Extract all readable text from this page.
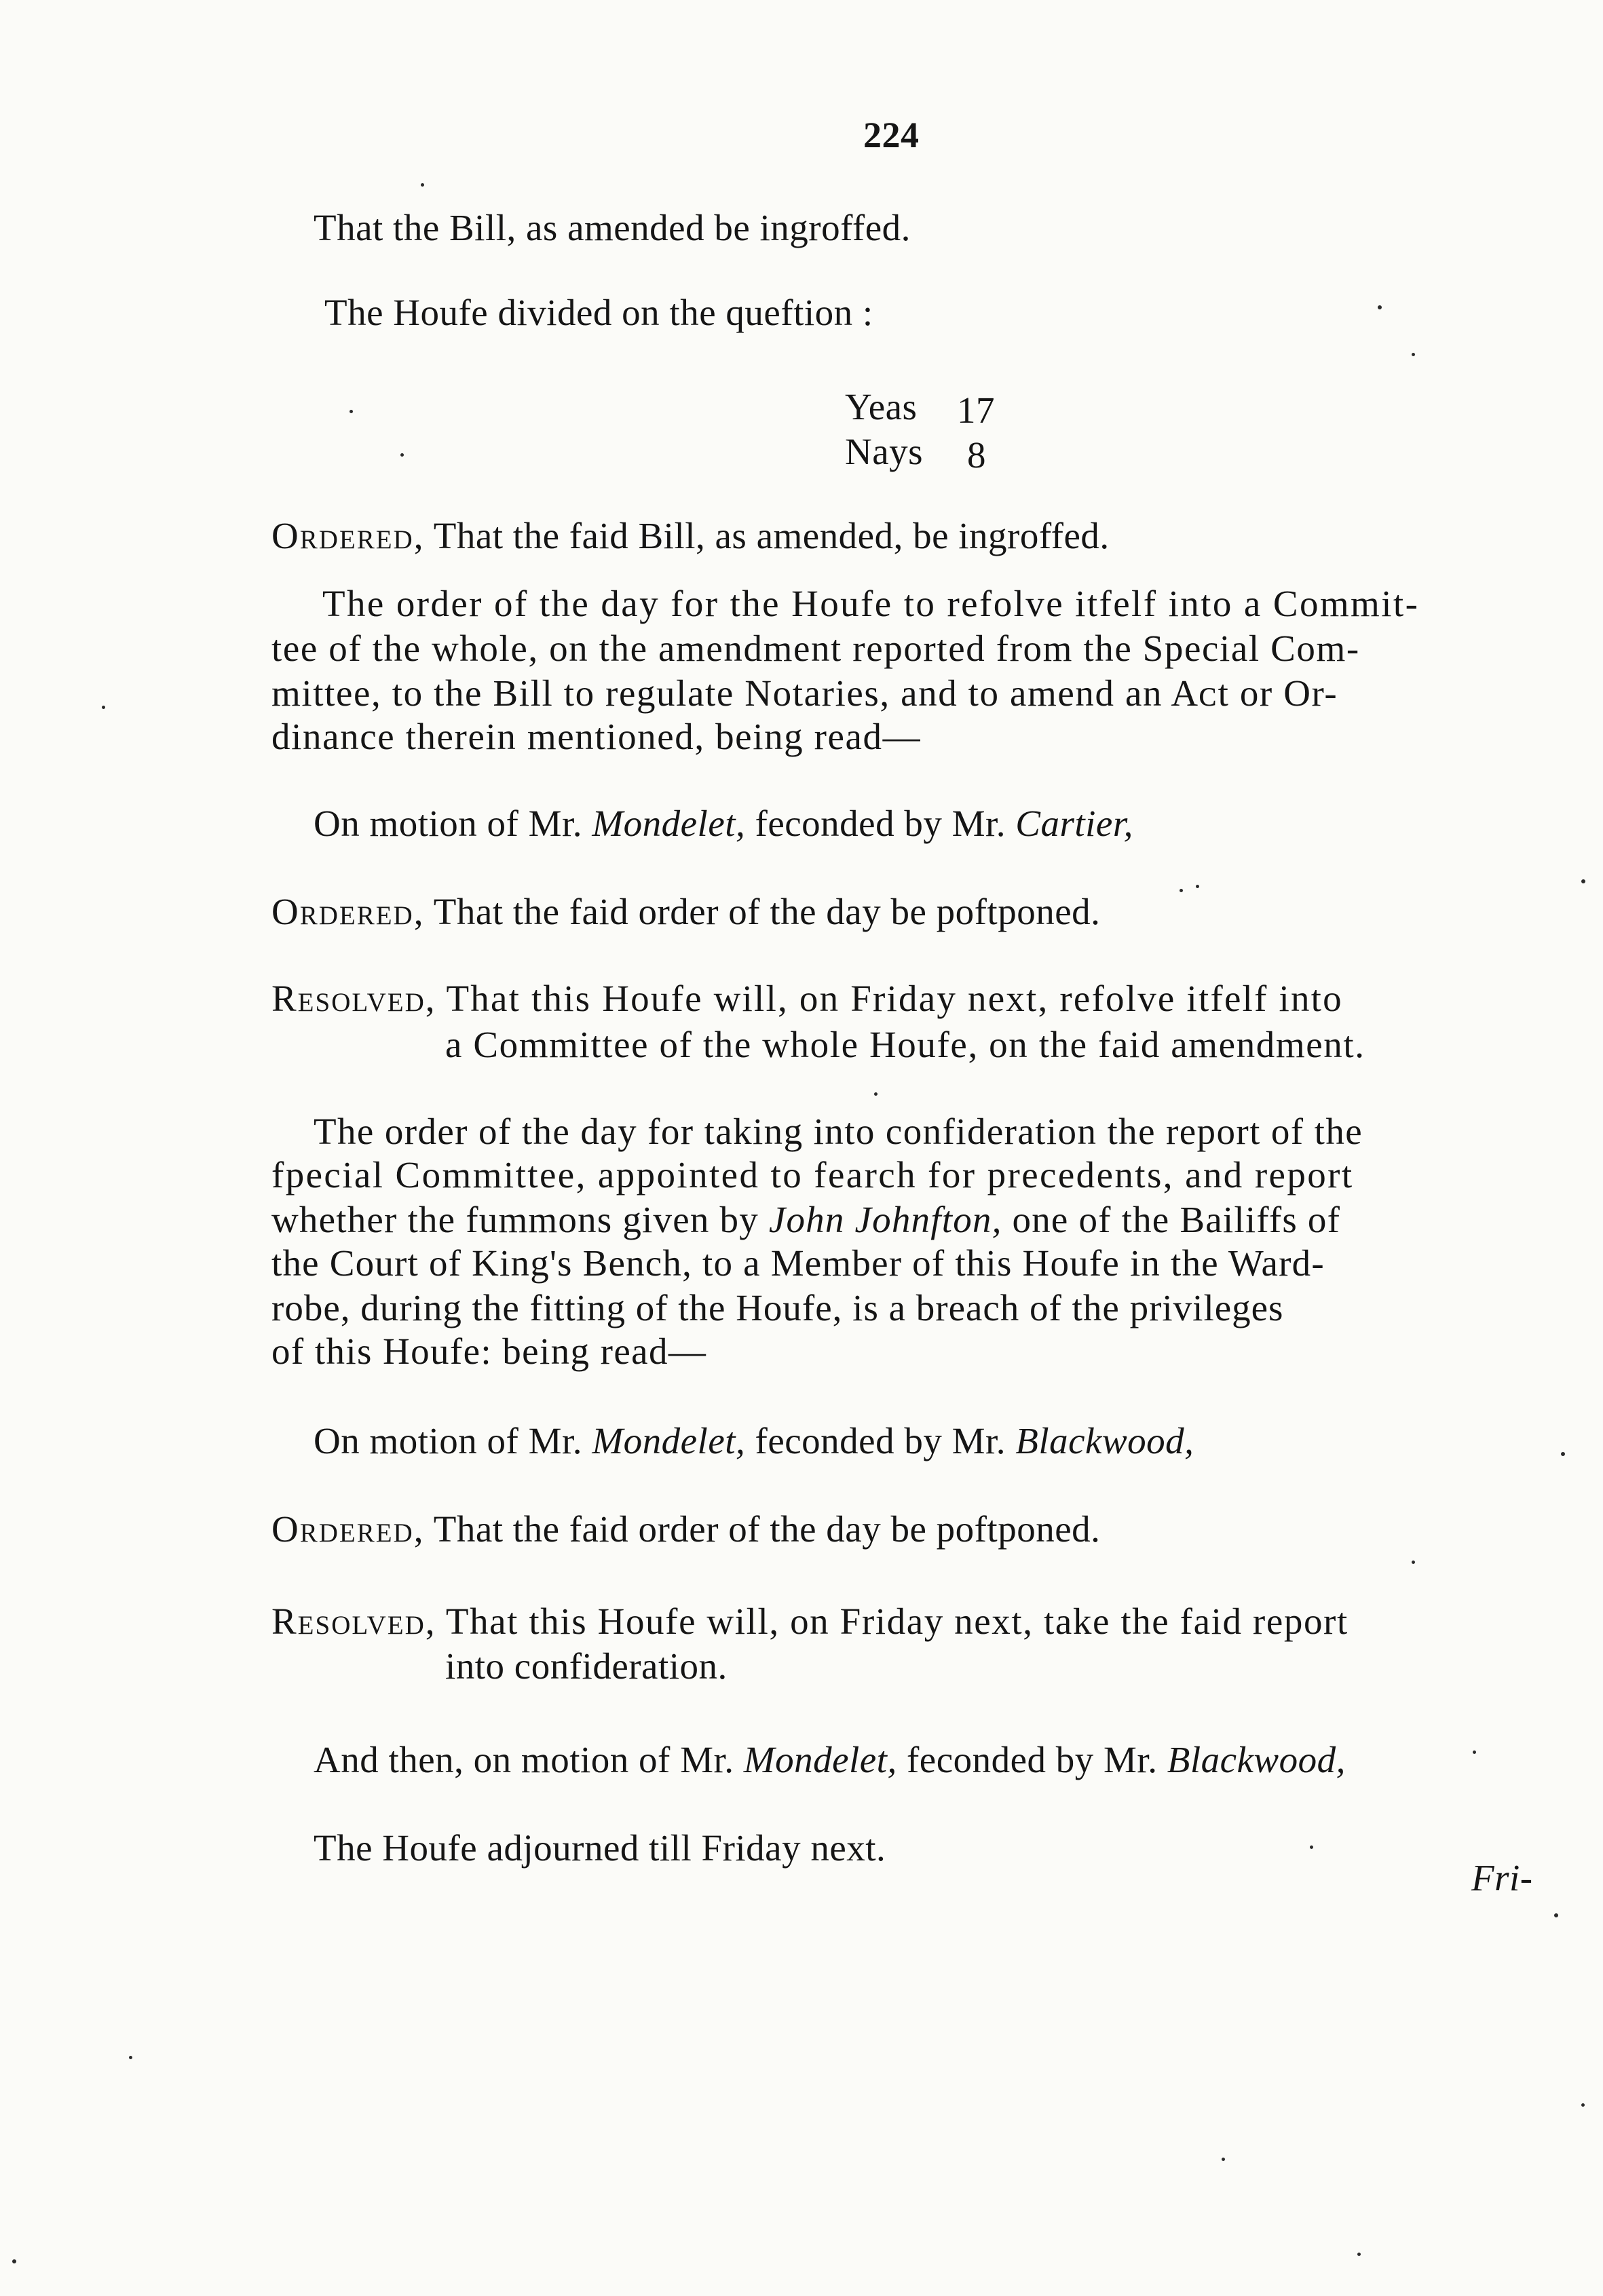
224

That the Bill, as amended be ingroffed.

The Houfe divided on the queftion :

Yeas 17
Nays 8

Ordered, That the faid Bill, as amended, be ingroffed.

The order of the day for the Houfe to refolve itfelf into a Commit-

tee of the whole, on the amendment reported from the Special Com-

mittee, to the Bill to regulate Notaries, and to amend an Aᴄt or Or-

dinance therein mentioned, being read—

On motion of Mr. Mondelet, feconded by Mr. Cartier,

Ordered, That the faid order of the day be poftponed.

Resolved, That this Houfe will, on Friday next, refolve itfelf into

a Committee of the whole Houfe, on the faid amendment.

The order of the day for taking into confideration the report of the

fpecial Committee, appointed to fearch for precedents, and report

whether the fummons given by John Johnfton, one of the Bailiffs of

the Court of King's Bench, to a Member of this Houfe in the Ward-

robe, during the fitting of the Houfe, is a breach of the privileges

of this Houfe: being read—

On motion of Mr. Mondelet, feconded by Mr. Blackwood,

Ordered, That the faid order of the day be poftponed.

Resolved, That this Houfe will, on Friday next, take the faid report

into confideration.

And then, on motion of Mr. Mondelet, feconded by Mr. Blackwood,

The Houfe adjourned till Friday next.

Fri-
